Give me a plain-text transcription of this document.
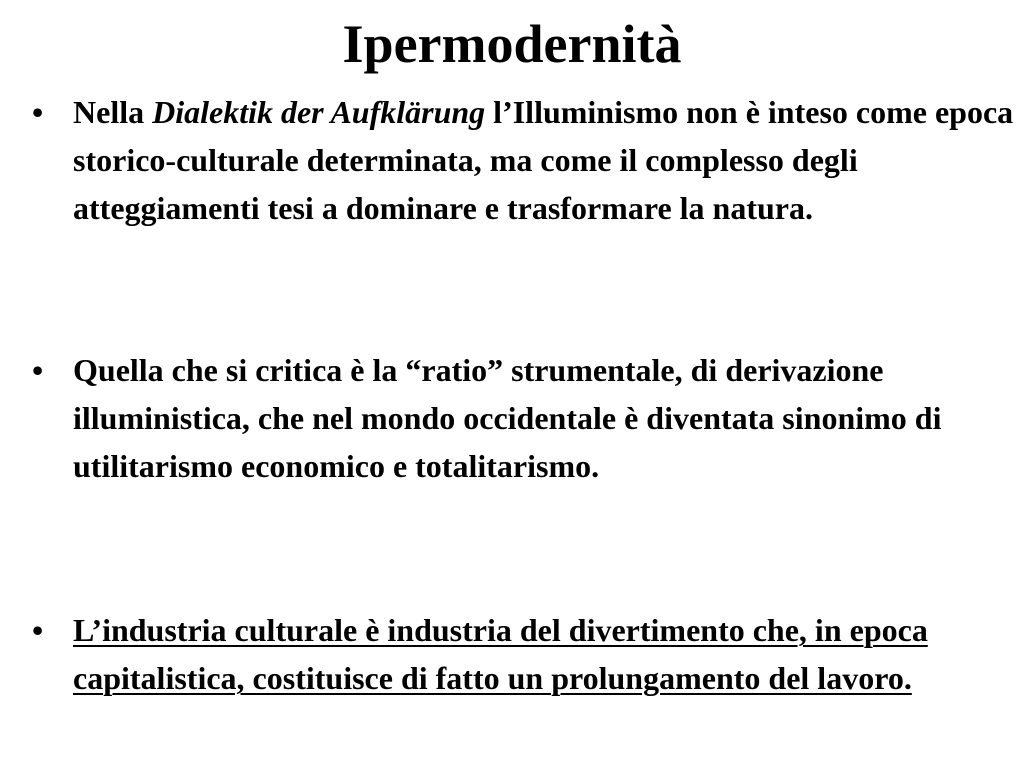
Ipermodernità
• Nella Dialektik der Aufklärung l’Illuminismo non è inteso come epoca storico-culturale determinata, ma come il complesso degli atteggiamenti tesi a dominare e trasformare la natura.

• Quella che si critica è la “ratio” strumentale, di derivazione illuministica, che nel mondo occidentale è diventata sinonimo di utilitarismo economico e totalitarismo.

• L’industria culturale è industria del divertimento che, in epoca capitalistica, costituisce di fatto un prolungamento del lavoro.
